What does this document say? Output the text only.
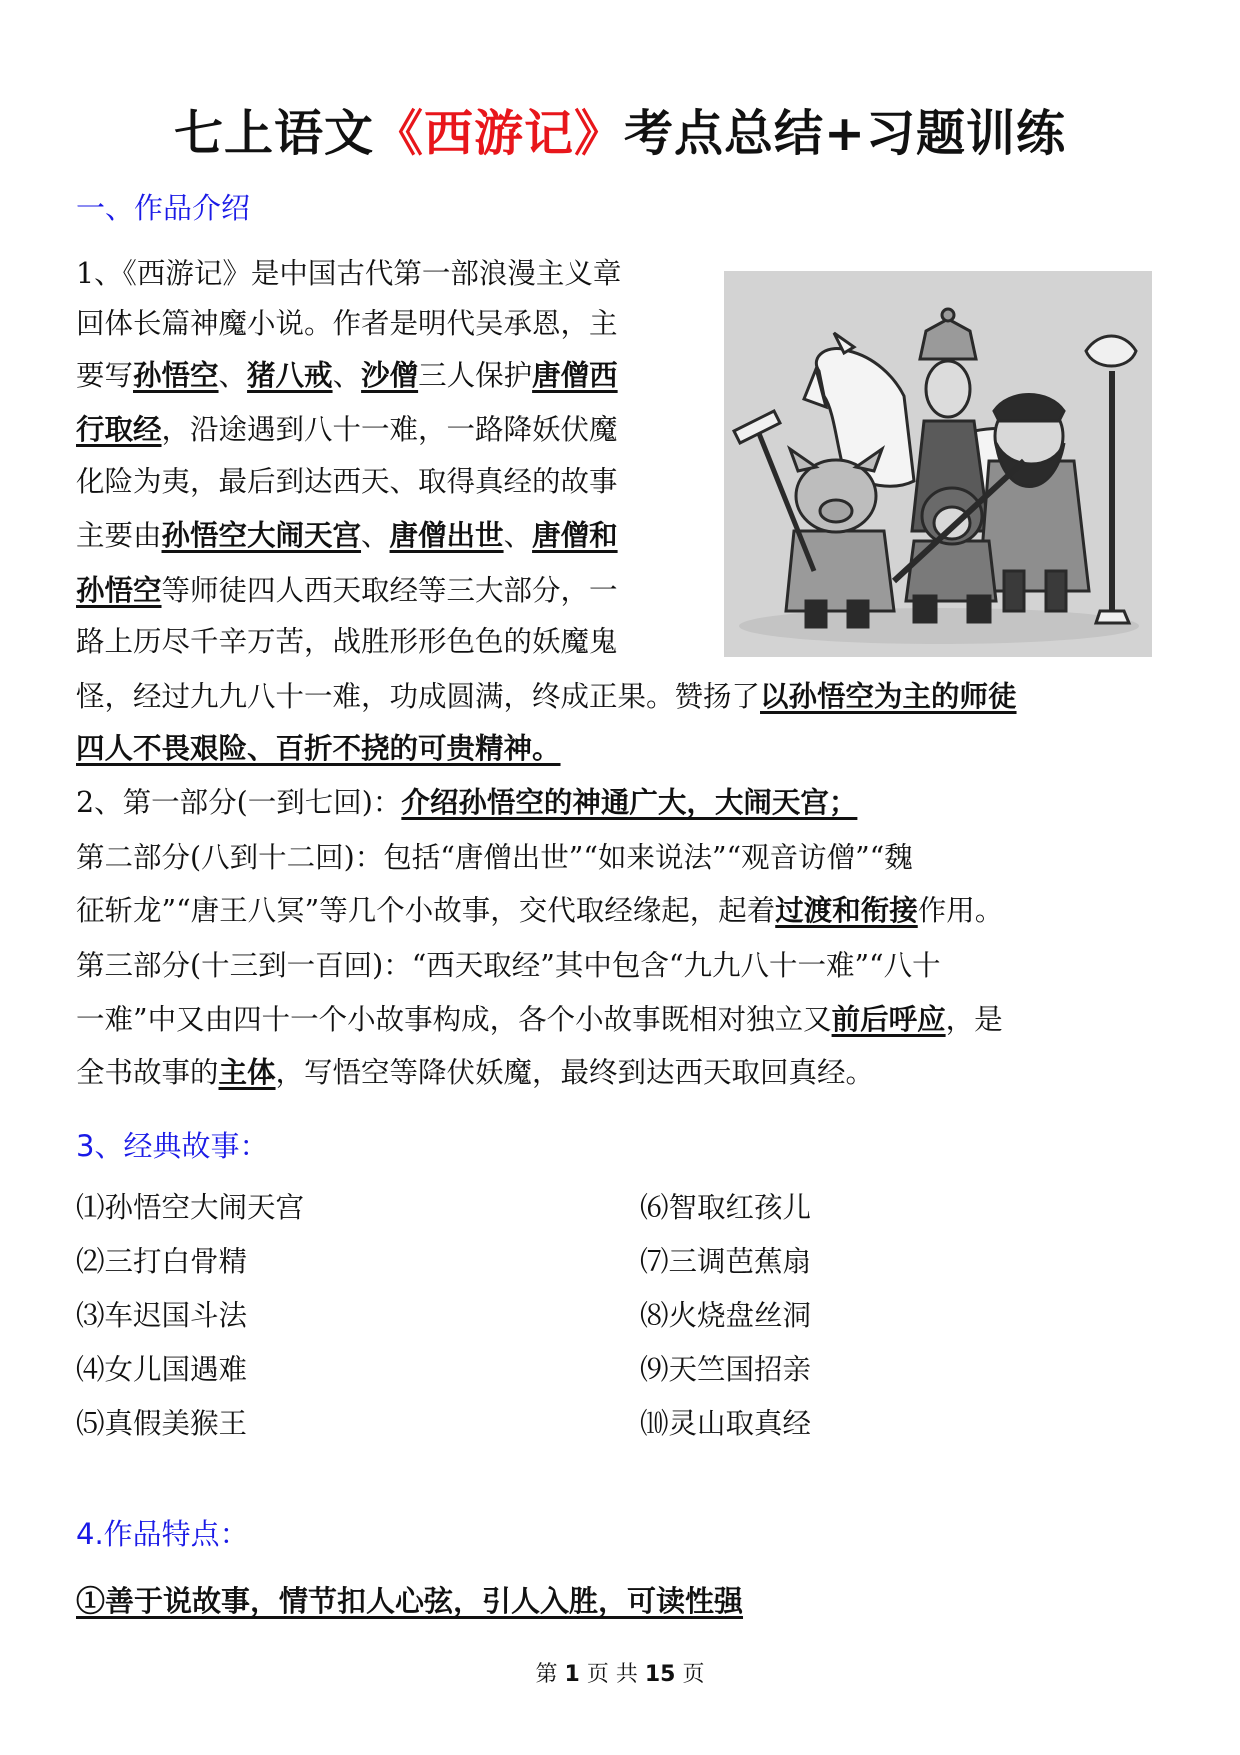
七上语文《西游记》考点总结+习题训练
一、作品介绍
1、《西游记》是中国古代第一部浪漫主义章
回体长篇神魔小说。作者是明代吴承恩，主
要写孙悟空、猪八戒、沙僧三人保护唐僧西
行取经，沿途遇到八十一难，一路降妖伏魔
化险为夷，最后到达西天、取得真经的故事
主要由孙悟空大闹天宫、唐僧出世、唐僧和
孙悟空等师徒四人西天取经等三大部分，一
路上历尽千辛万苦，战胜形形色色的妖魔鬼
怪，经过九九八十一难，功成圆满，终成正果。赞扬了以孙悟空为主的师徒
四人不畏艰险、百折不挠的可贵精神。
2、第一部分(一到七回)：介绍孙悟空的神通广大，大闹天宫；
第二部分(八到十二回)：包括“唐僧出世”“如来说法”“观音访僧”“魏
征斩龙”“唐王八冥”等几个小故事，交代取经缘起，起着过渡和衔接作用。
第三部分(十三到一百回)：“西天取经”其中包含“九九八十一难”“八十
一难”中又由四十一个小故事构成，各个小故事既相对独立又前后呼应，是
全书故事的主体，写悟空等降伏妖魔，最终到达西天取回真经。
3、经典故事：
⑴孙悟空大闹天宫
⑵三打白骨精
⑶车迟国斗法
⑷女儿国遇难
⑸真假美猴王
⑹智取红孩儿
⑺三调芭蕉扇
⑻火烧盘丝洞
⑼天竺国招亲
⑽灵山取真经
4.作品特点：
①善于说故事，情节扣人心弦，引人入胜，可读性强
第 1 页 共 15 页
